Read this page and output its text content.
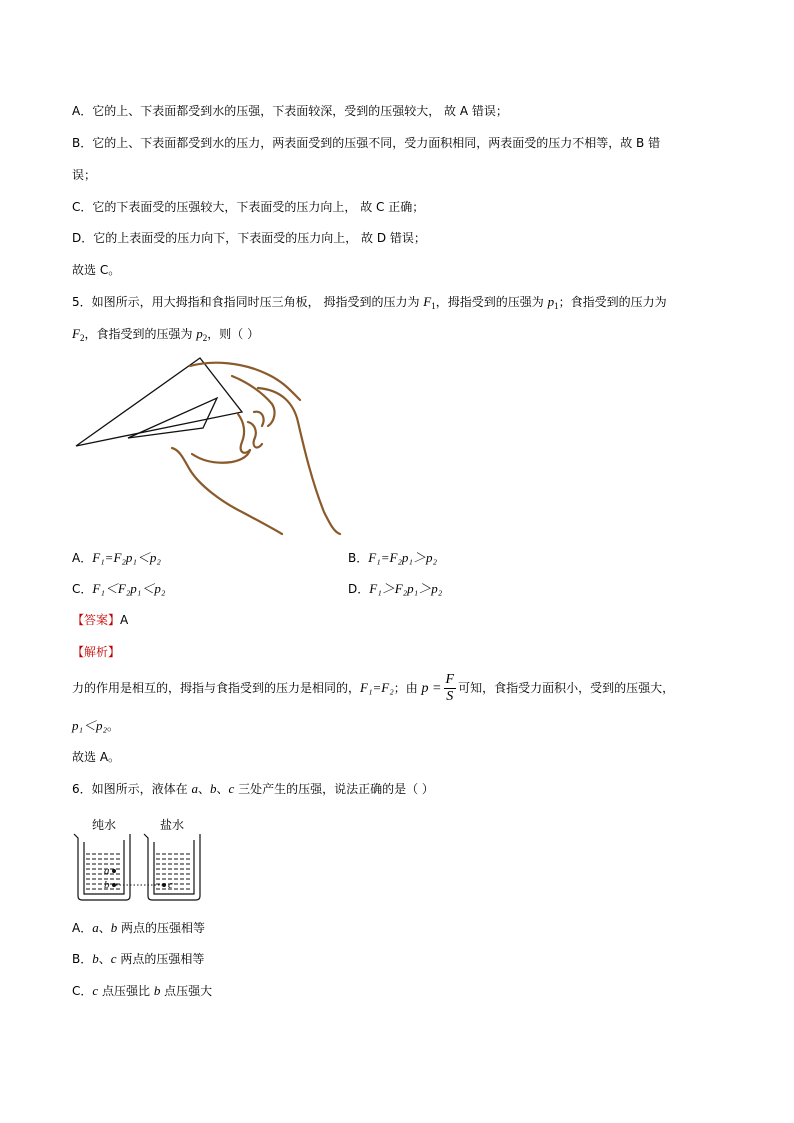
A．它的上、下表面都受到水的压强，下表面较深，受到的压强较大， 故 A 错误；
B．它的上、下表面都受到水的压力，两表面受到的压强不同，受力面积相同，两表面受的压力不相等，故 B 错
误；
C．它的下表面受的压强较大，下表面受的压力向上， 故 C 正确；
D．它的上表面受的压力向下，下表面受的压力向上， 故 D 错误；
故选 C。
5．如图所示，用大拇指和食指同时压三角板， 拇指受到的压力为 $F_1$，拇指受到的压强为 $p_1$；食指受到的压力为
$F_2$，食指受到的压强为 $p_2$，则（ ）
A．F₁=F₂p₁＜p₂	B．F₁=F₂p₁＞p₂
C．F₁＜F₂p₁＜p₂	D．F₁＞F₂p₁＞p₂
【答案】A
【解析】
力的作用是相互的，拇指与食指受到的压力是相同的，F₁=F₂；由 $p = \frac{F}{S}$ 可知，食指受力面积小，受到的压强大，
p₁＜p₂。
故选 A。
6．如图所示，液体在 a、b、c 三处产生的压强，说法正确的是（ ）
纯水	盐水
a
b	c
A．a、b 两点的压强相等
B．b、c 两点的压强相等
C．c 点压强比 b 点压强大
